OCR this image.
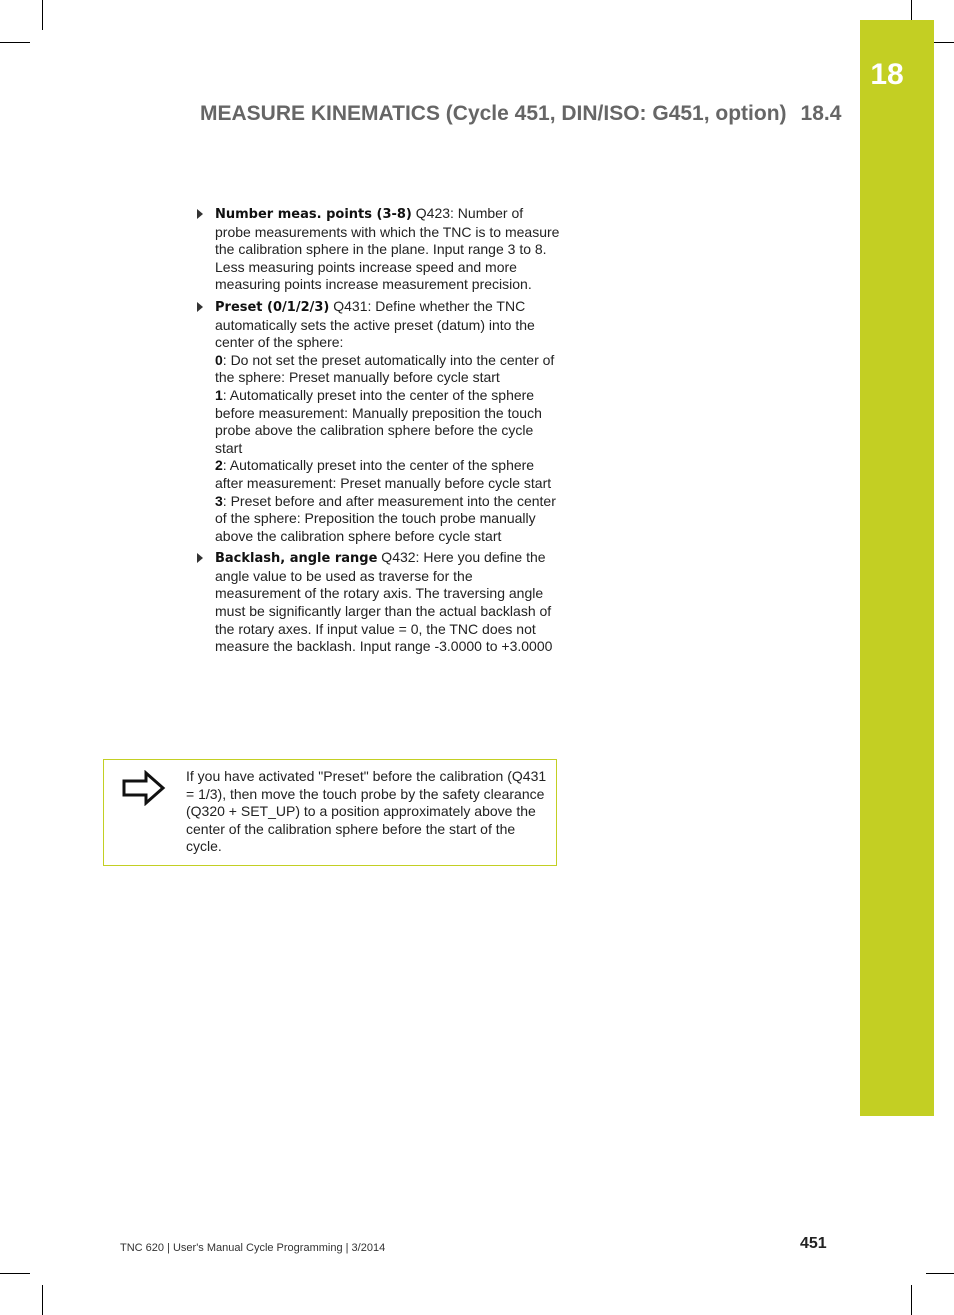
18
MEASURE KINEMATICS (Cycle 451, DIN/ISO: G451, option) 18.4
Number meas. points (3-8) Q423: Number of probe measurements with which the TNC is to measure the calibration sphere in the plane. Input range 3 to 8. Less measuring points increase speed and more measuring points increase measurement precision.
Preset (0/1/2/3) Q431: Define whether the TNC automatically sets the active preset (datum) into the center of the sphere:
0: Do not set the preset automatically into the center of the sphere: Preset manually before cycle start
1: Automatically preset into the center of the sphere before measurement: Manually preposition the touch probe above the calibration sphere before the cycle start
2: Automatically preset into the center of the sphere after measurement: Preset manually before cycle start
3: Preset before and after measurement into the center of the sphere: Preposition the touch probe manually above the calibration sphere before cycle start
Backlash, angle range Q432: Here you define the angle value to be used as traverse for the measurement of the rotary axis. The traversing angle must be significantly larger than the actual backlash of the rotary axes. If input value = 0, the TNC does not measure the backlash. Input range -3.0000 to +3.0000
If you have activated "Preset" before the calibration (Q431 = 1/3), then move the touch probe by the safety clearance (Q320 + SET_UP) to a position approximately above the center of the calibration sphere before the start of the cycle.
TNC 620 | User's Manual Cycle Programming | 3/2014	451
